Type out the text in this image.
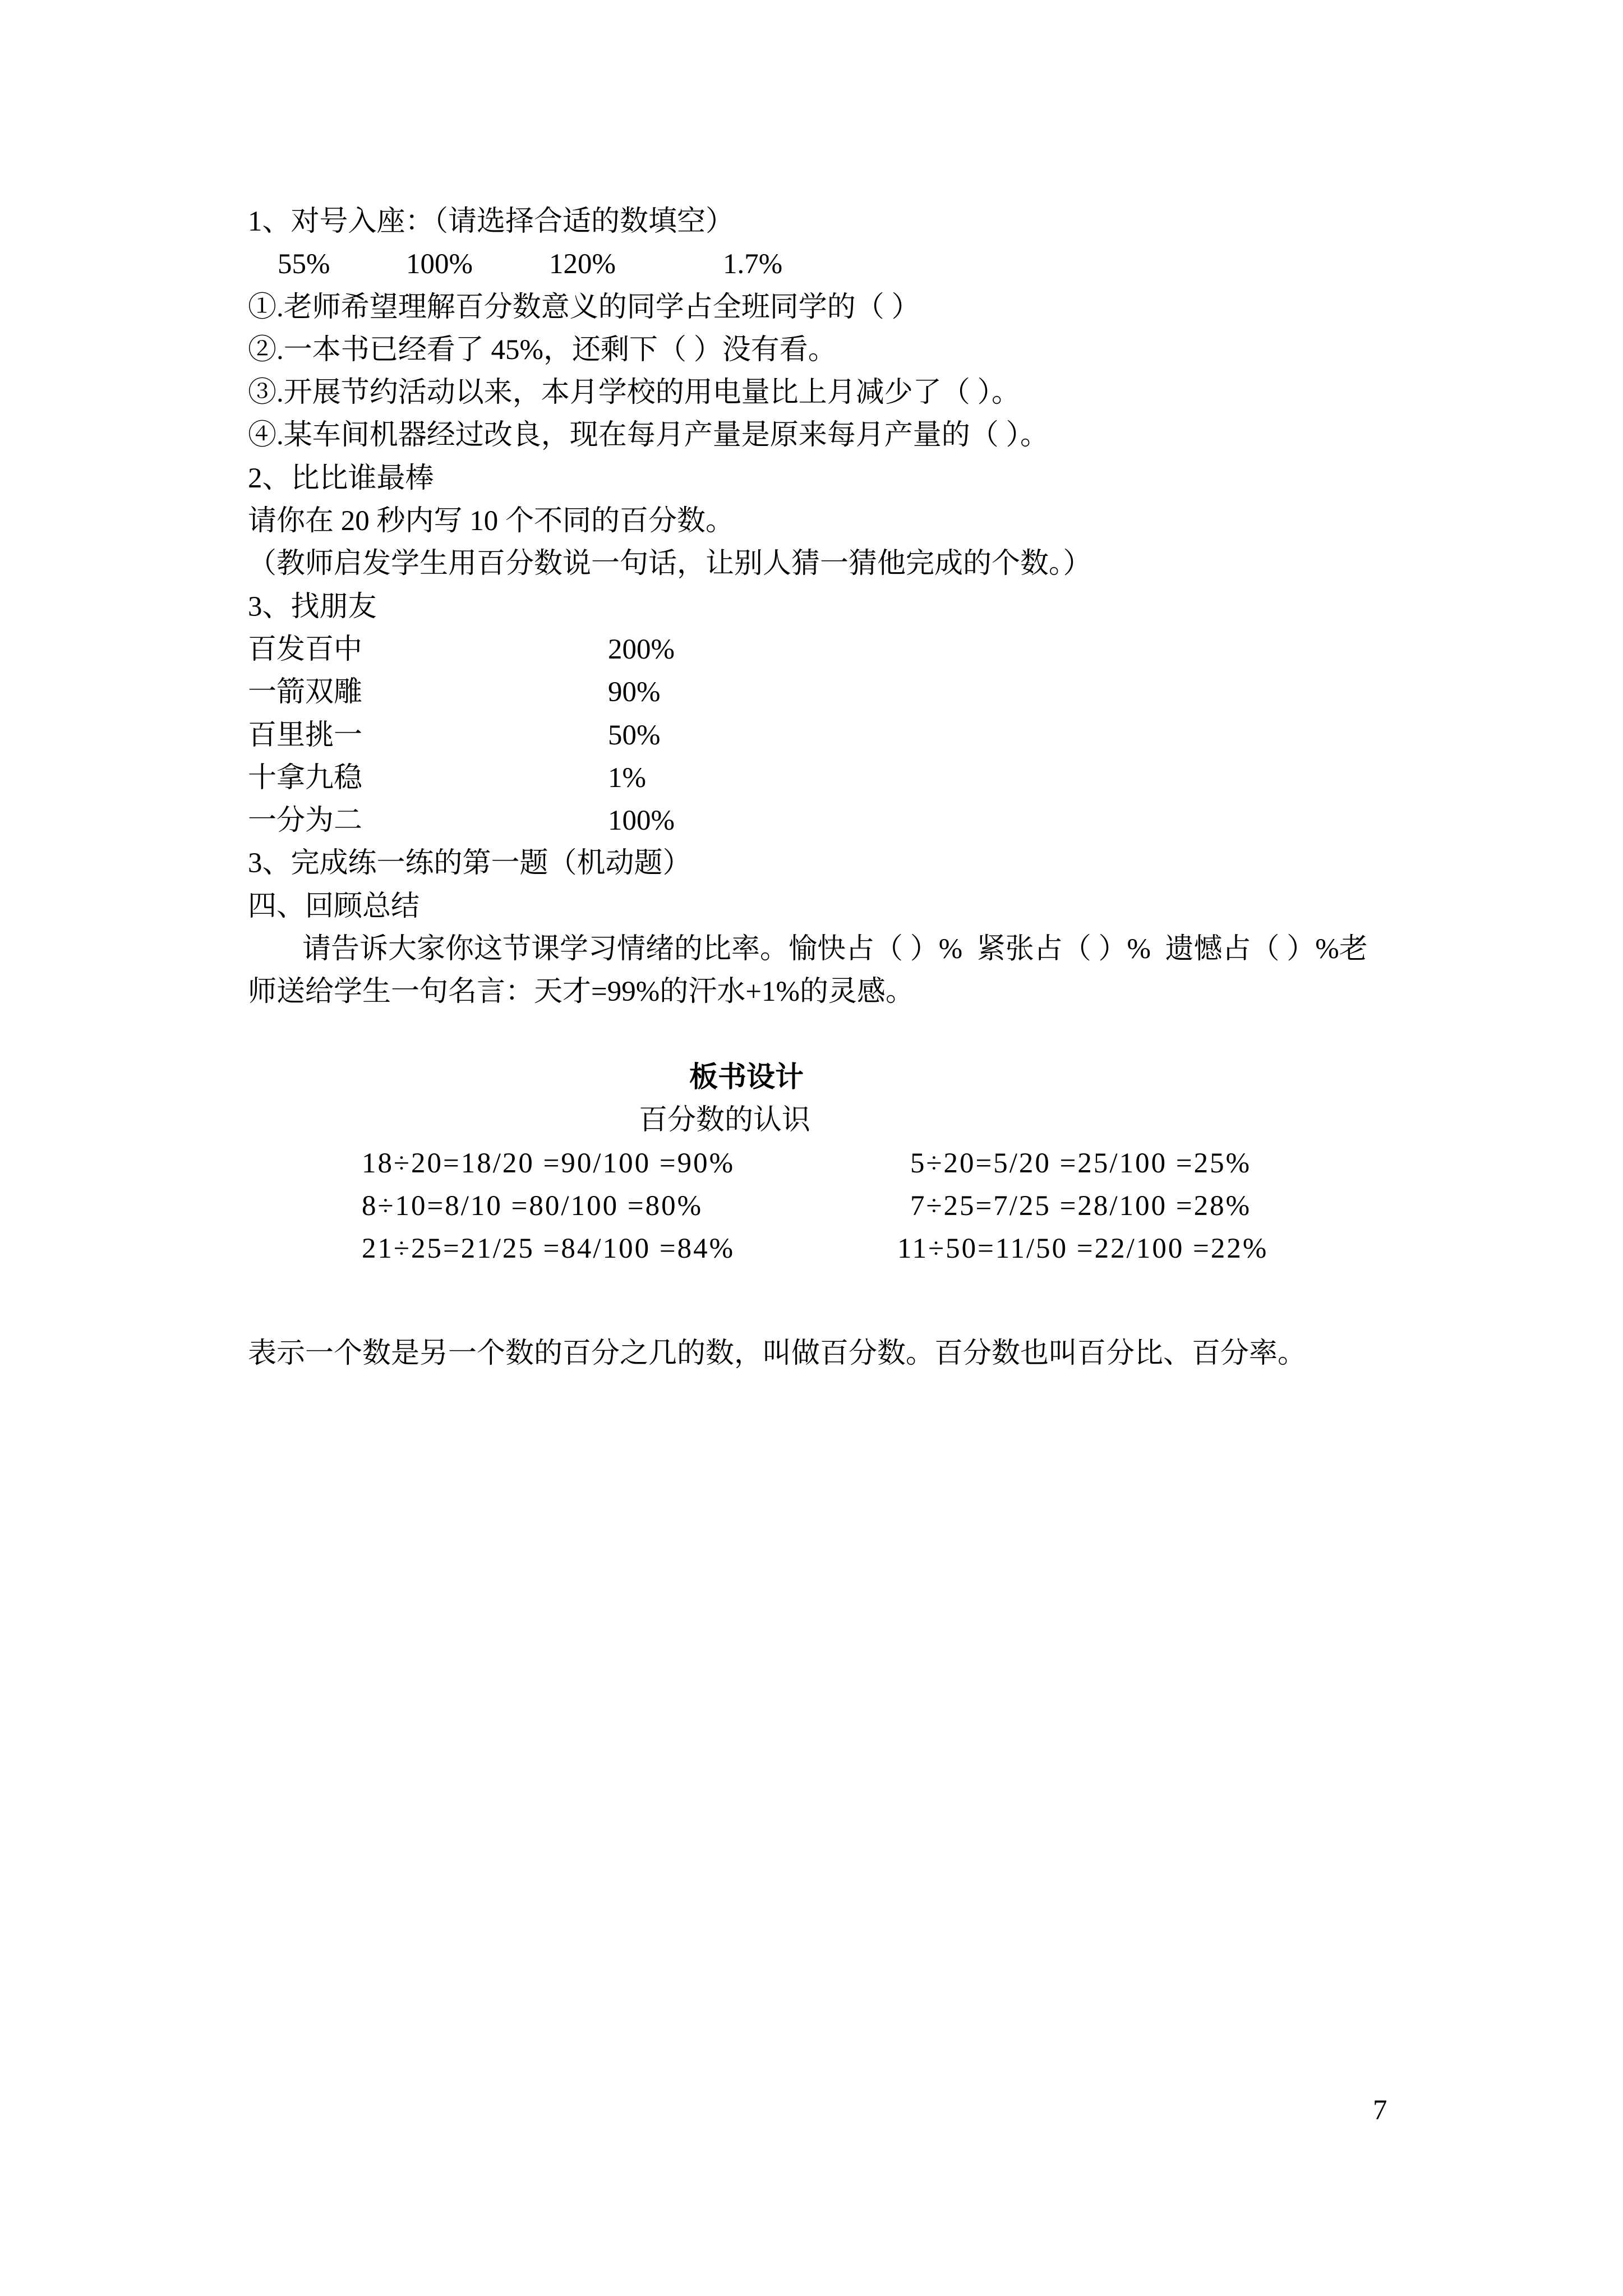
1、对号入座：（请选择合适的数填空）

55%

	100%

	120%

	1.7%

①.老师希望理解百分数意义的同学占全班同学的（ ）
②.一本书已经看了 45%，还剩下（ ）没有看。
③.开展节约活动以来，本月学校的用电量比上月减少了（ ）。
④.某车间机器经过改良，现在每月产量是原来每月产量的（ ）。
2、比比谁最棒
请你在 20 秒内写 10 个不同的百分数。
（教师启发学生用百分数说一句话，让别人猜一猜他完成的个数。）
3、找朋友

百发百中

	200%

一箭双雕

	90%

百里挑一

	50%

十拿九稳

	1%

一分为二

	100%

3、完成练一练的第一题（机动题）
四、回顾总结
请告诉大家你这节课学习情绪的比率。愉快占（ ）%  紧张占（ ）%  遗憾占（ ）%老
师送给学生一句名言：天才=99%的汗水+1%的灵感。

板书设计

百分数的认识

18÷20=18/20 =90/100 =90%

	5÷20=5/20 =25/100 =25%

8÷10=8/10 =80/100 =80%

	7÷25=7/25 =28/100 =28%

21÷25=21/25 =84/100 =84%

	11÷50=11/50 =22/100 =22%

表示一个数是另一个数的百分之几的数，叫做百分数。百分数也叫百分比、百分率。
7
